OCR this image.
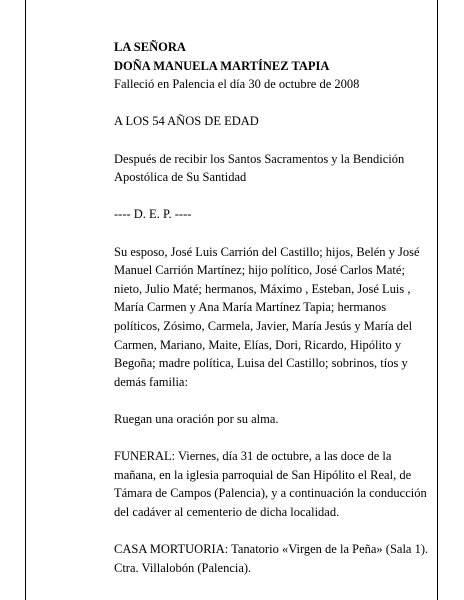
LA SEÑORA

DOÑA MANUELA MARTÍNEZ TAPIA

Falleció en Palencia el día 30 de octubre de 2008

A LOS 54 AÑOS DE EDAD

Después de recibir los Santos Sacramentos y la Bendición Apostólica de Su Santidad

---- D. E. P. ----

Su esposo, José Luis Carrión del Castillo; hijos, Belén y José Manuel Carrión Martínez; hijo político, José Carlos Maté; nieto, Julio Maté; hermanos, Máximo , Esteban, José Luis , María Carmen y Ana María Martínez Tapia; hermanos políticos, Zósimo, Carmela, Javier, María Jesús y María del Carmen, Mariano, Maite, Elías, Dori, Ricardo, Hipólito y Begoña; madre política, Luisa del Castillo; sobrinos, tíos y demás familia:

Ruegan una oración por su alma.

FUNERAL: Viernes, día 31 de octubre, a las doce de la mañana, en la iglesia parroquial de San Hipólito el Real, de Támara de Campos (Palencia), y a continuación la conducción del cadáver al cementerio de dicha localidad.

CASA MORTUORIA: Tanatorio «Virgen de la Peña» (Sala 1). Ctra. Villalobón (Palencia).
